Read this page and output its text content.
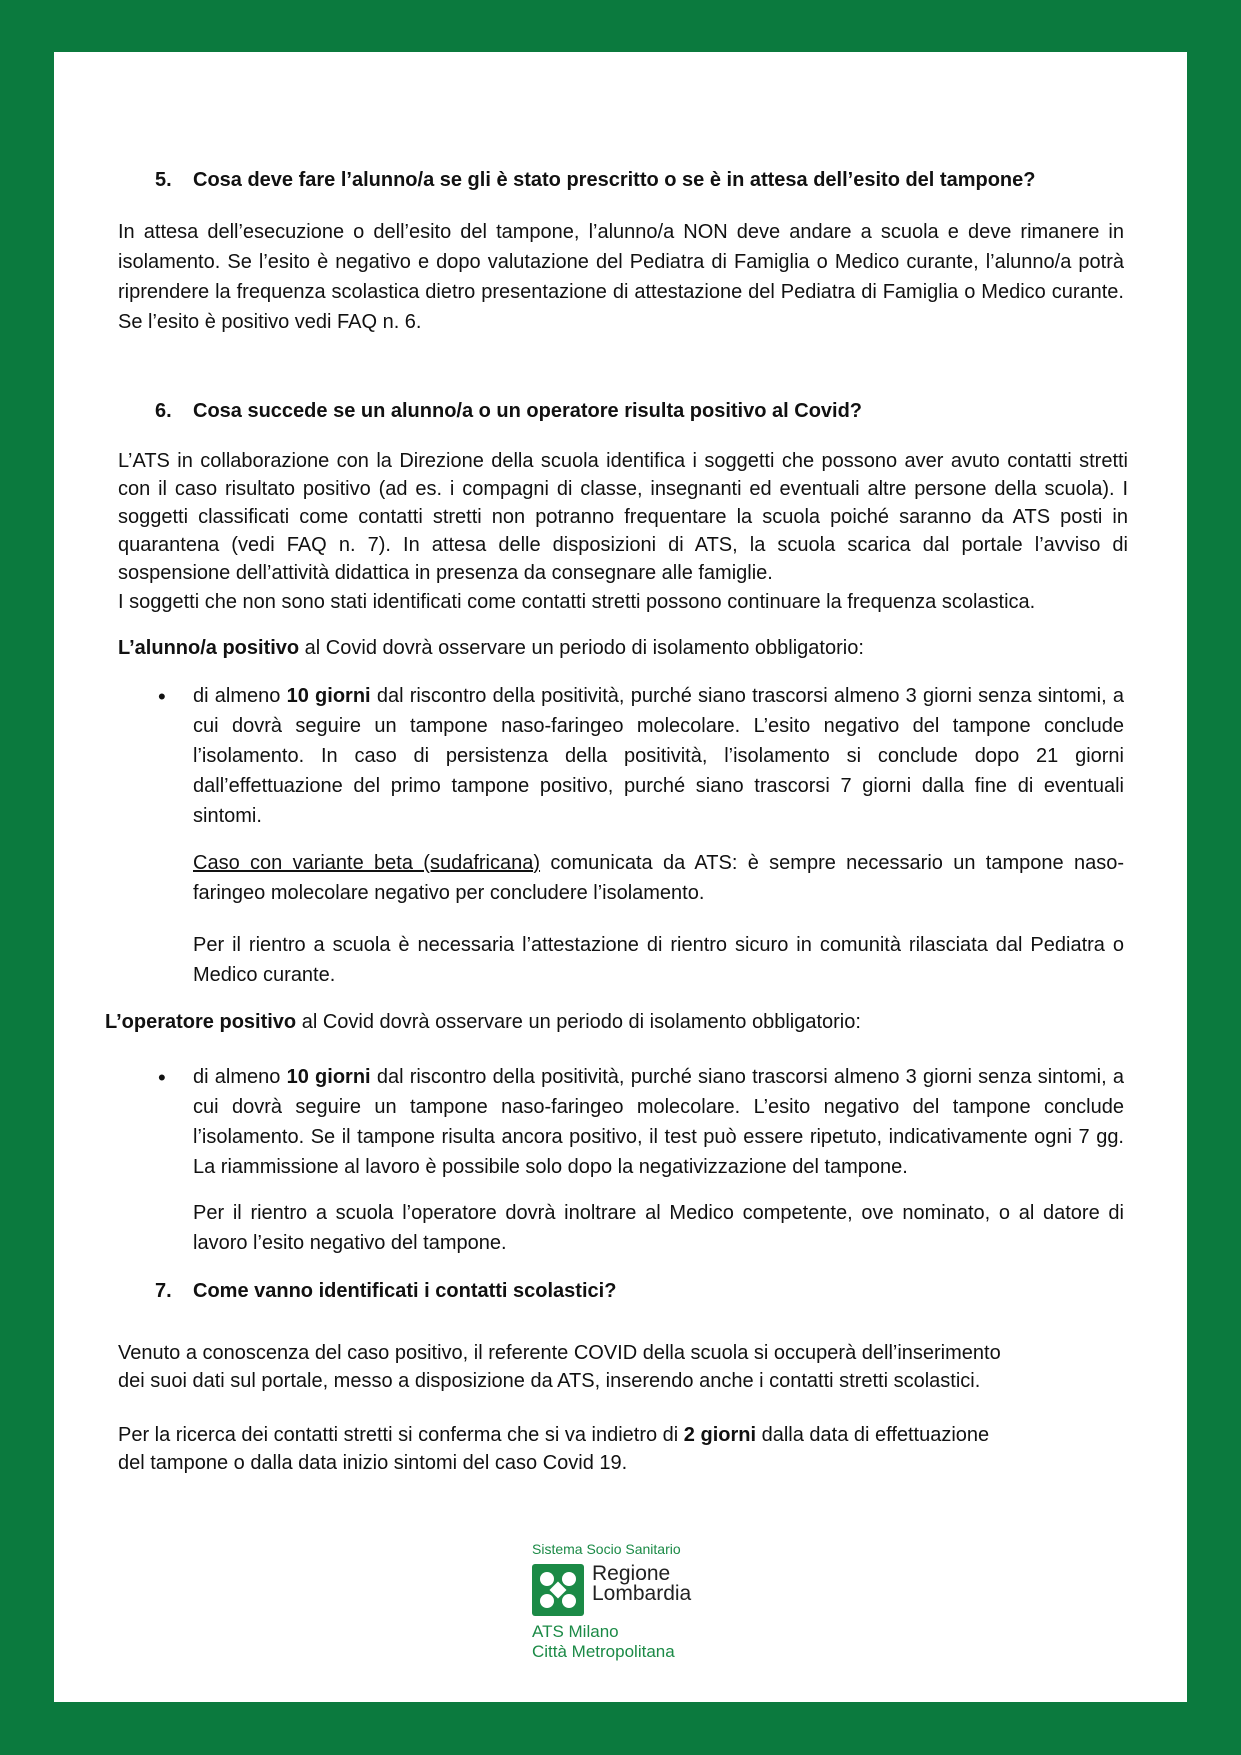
5. Cosa deve fare l’alunno/a se gli è stato prescritto o se è in attesa dell’esito del tampone?
In attesa dell’esecuzione o dell’esito del tampone, l’alunno/a NON deve andare a scuola e deve rimanere in isolamento. Se l’esito è negativo e dopo valutazione del Pediatra di Famiglia o Medico curante, l’alunno/a potrà riprendere la frequenza scolastica dietro presentazione di attestazione del Pediatra di Famiglia o Medico curante. Se l’esito è positivo vedi FAQ n. 6.
6. Cosa succede se un alunno/a o un operatore risulta positivo al Covid?
L’ATS in collaborazione con la Direzione della scuola identifica i soggetti che possono aver avuto contatti stretti con il caso risultato positivo (ad es. i compagni di classe, insegnanti ed eventuali altre persone della scuola). I soggetti classificati come contatti stretti non potranno frequentare la scuola poiché saranno da ATS posti in quarantena (vedi FAQ n. 7). In attesa delle disposizioni di ATS, la scuola scarica dal portale l’avviso di sospensione dell’attività didattica in presenza da consegnare alle famiglie.
I soggetti che non sono stati identificati come contatti stretti possono continuare la frequenza scolastica.
L’alunno/a positivo al Covid dovrà osservare un periodo di isolamento obbligatorio:
• di almeno 10 giorni dal riscontro della positività, purché siano trascorsi almeno 3 giorni senza sintomi, a cui dovrà seguire un tampone naso-faringeo molecolare. L’esito negativo del tampone conclude l’isolamento. In caso di persistenza della positività, l’isolamento si conclude dopo 21 giorni dall’effettuazione del primo tampone positivo, purché siano trascorsi 7 giorni dalla fine di eventuali sintomi.
Caso con variante beta (sudafricana) comunicata da ATS: è sempre necessario un tampone naso-faringeo molecolare negativo per concludere l’isolamento.
Per il rientro a scuola è necessaria l’attestazione di rientro sicuro in comunità rilasciata dal Pediatra o Medico curante.
L’operatore positivo al Covid dovrà osservare un periodo di isolamento obbligatorio:
• di almeno 10 giorni dal riscontro della positività, purché siano trascorsi almeno 3 giorni senza sintomi, a cui dovrà seguire un tampone naso-faringeo molecolare. L’esito negativo del tampone conclude l’isolamento. Se il tampone risulta ancora positivo, il test può essere ripetuto, indicativamente ogni 7 gg. La riammissione al lavoro è possibile solo dopo la negativizzazione del tampone.
Per il rientro a scuola l’operatore dovrà inoltrare al Medico competente, ove nominato, o al datore di lavoro l’esito negativo del tampone.
7. Come vanno identificati i contatti scolastici?
Venuto a conoscenza del caso positivo, il referente COVID della scuola si occuperà dell’inserimento
dei suoi dati sul portale, messo a disposizione da ATS, inserendo anche i contatti stretti scolastici.
Per la ricerca dei contatti stretti si conferma che si va indietro di 2 giorni dalla data di effettuazione
del tampone o dalla data inizio sintomi del caso Covid 19.
Sistema Socio Sanitario
Regione
Lombardia
ATS Milano
Città Metropolitana
